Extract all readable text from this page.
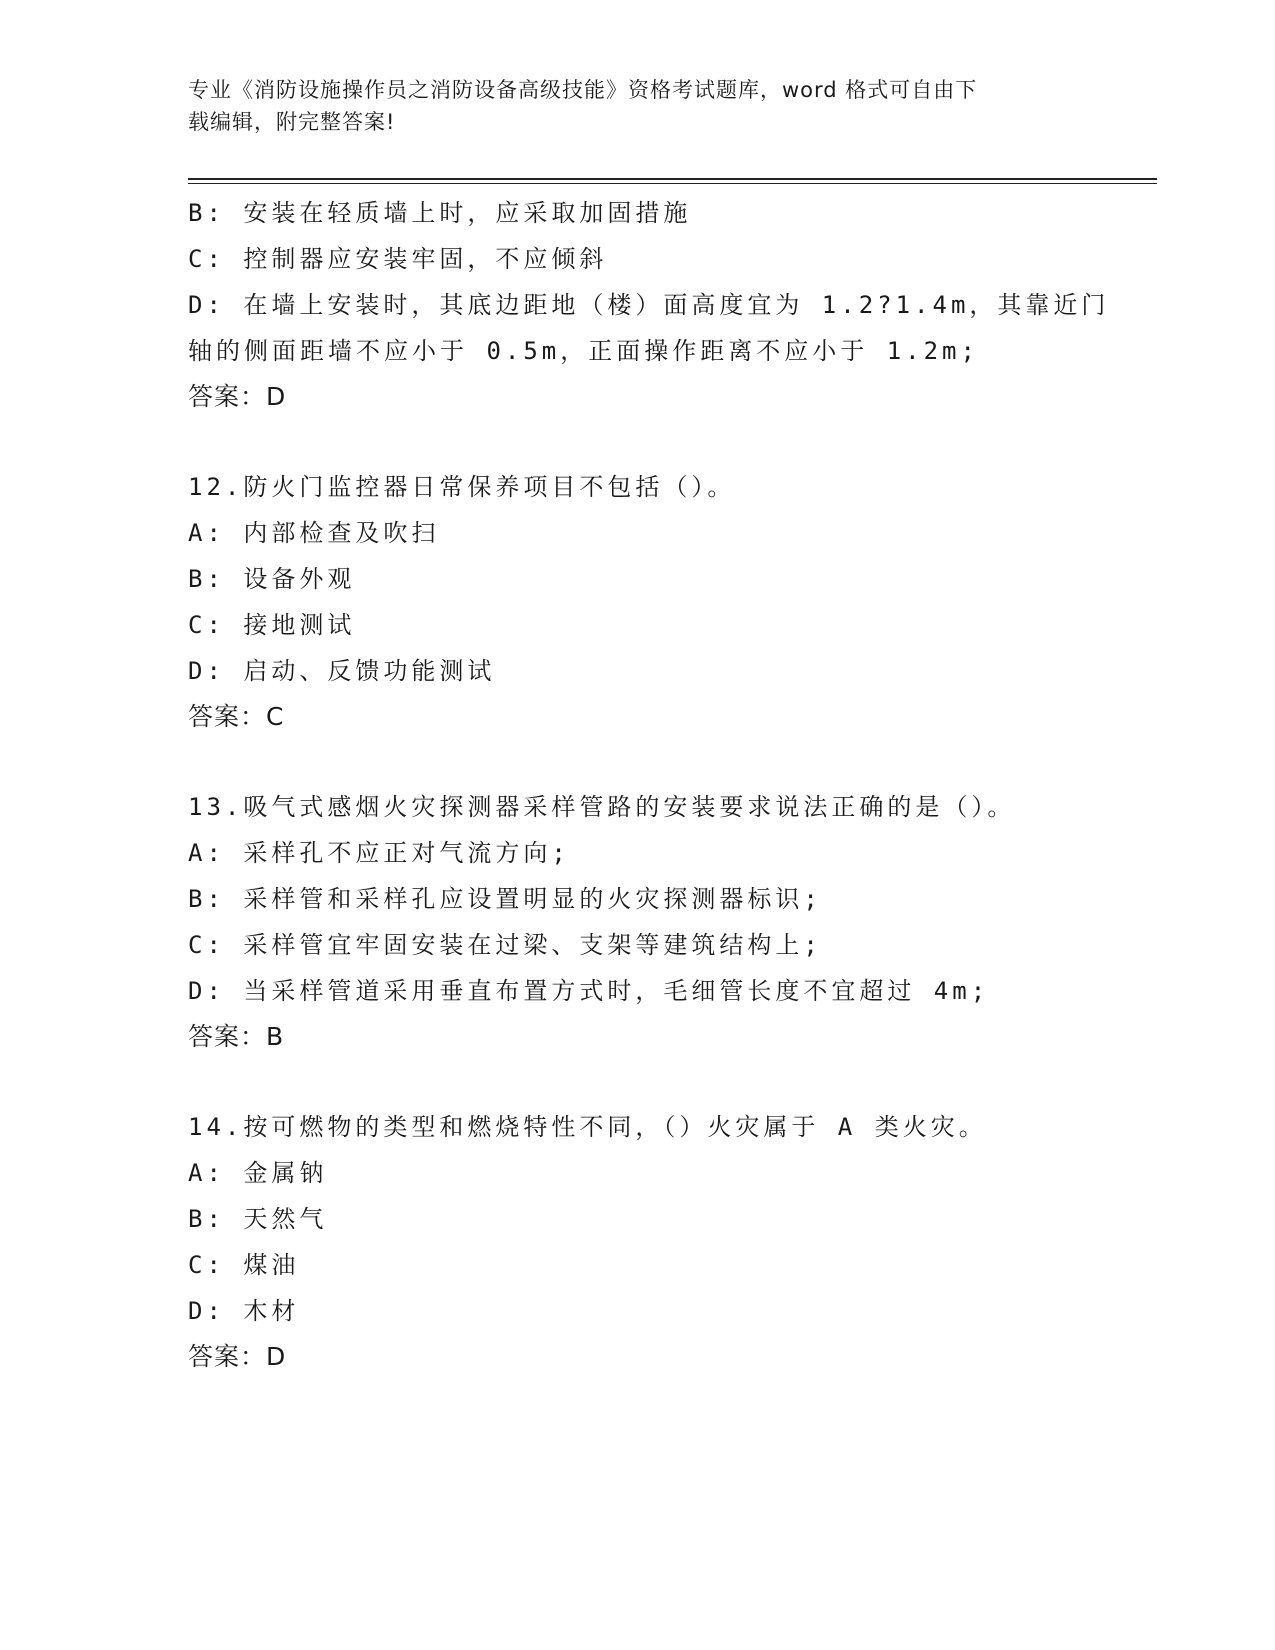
专业《消防设施操作员之消防设备高级技能》资格考试题库，word 格式可自由下
载编辑，附完整答案!
B: 安装在轻质墙上时，应采取加固措施
C: 控制器应安装牢固，不应倾斜
D: 在墙上安装时，其底边距地（楼）面高度宜为 1.2?1.4m，其靠近门
轴的侧面距墙不应小于 0.5m，正面操作距离不应小于 1.2m;
答案：D
12.防火门监控器日常保养项目不包括（）。
A: 内部检查及吹扫
B: 设备外观
C: 接地测试
D: 启动、反馈功能测试
答案：C
13.吸气式感烟火灾探测器采样管路的安装要求说法正确的是（）。
A: 采样孔不应正对气流方向;
B: 采样管和采样孔应设置明显的火灾探测器标识;
C: 采样管宜牢固安装在过梁、支架等建筑结构上;
D: 当采样管道采用垂直布置方式时，毛细管长度不宜超过 4m;
答案：B
14.按可燃物的类型和燃烧特性不同，（）火灾属于 A 类火灾。
A: 金属钠
B: 天然气
C: 煤油
D: 木材
答案：D
